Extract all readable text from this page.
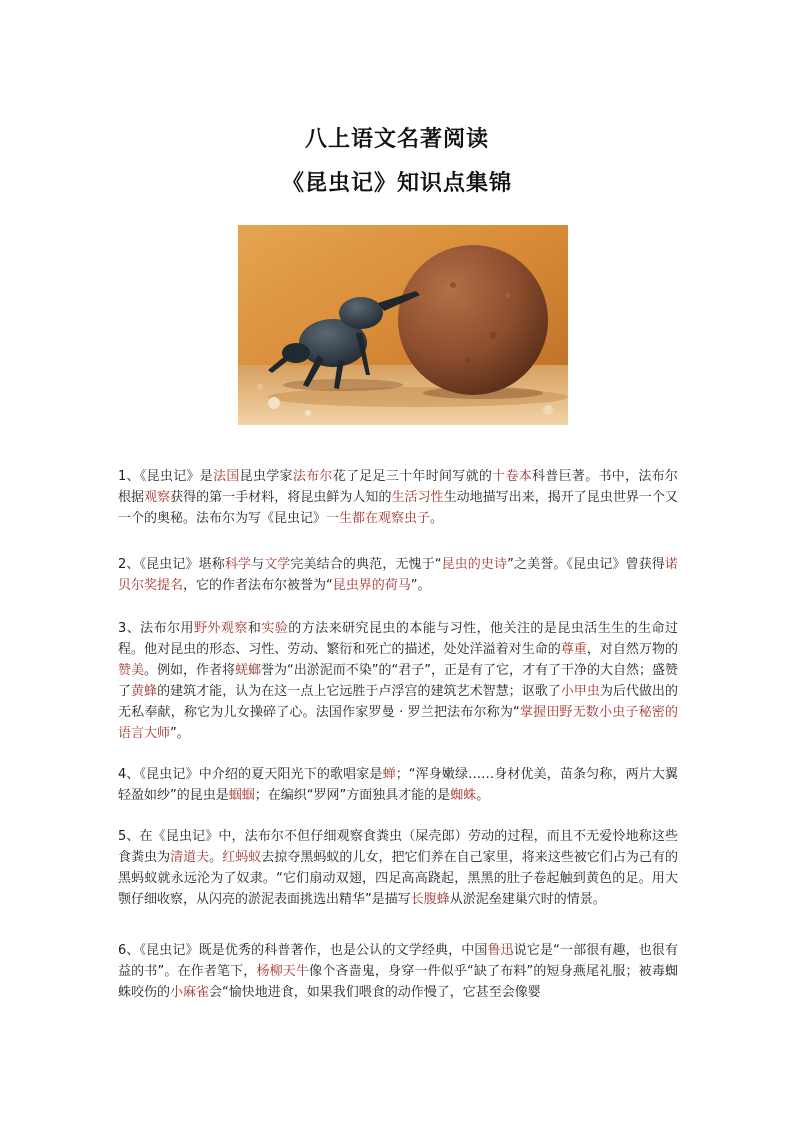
八上语文名著阅读
《昆虫记》知识点集锦
1、《昆虫记》是法国昆虫学家法布尔花了足足三十年时间写就的十卷本科普巨著。书中，法布尔根据观察获得的第一手材料，将昆虫鲜为人知的生活习性生动地描写出来，揭开了昆虫世界一个又一个的奥秘。法布尔为写《昆虫记》一生都在观察虫子。
2、《昆虫记》堪称科学与文学完美结合的典范，无愧于“昆虫的史诗”之美誉。《昆虫记》曾获得诺贝尔奖提名，它的作者法布尔被誉为“昆虫界的荷马”。
3、法布尔用野外观察和实验的方法来研究昆虫的本能与习性，他关注的是昆虫活生生的生命过程。他对昆虫的形态、习性、劳动、繁衍和死亡的描述，处处洋溢着对生命的尊重，对自然万物的赞美。例如，作者将蜣螂誉为“出淤泥而不染”的“君子”，正是有了它，才有了干净的大自然；盛赞了黄蜂的建筑才能，认为在这一点上它远胜于卢浮宫的建筑艺术智慧；讴歌了小甲虫为后代做出的无私奉献，称它为儿女操碎了心。法国作家罗曼 · 罗兰把法布尔称为“掌握田野无数小虫子秘密的语言大师”。
4、《昆虫记》中介绍的夏天阳光下的歌唱家是蝉；“浑身嫩绿……身材优美，苗条匀称，两片大翼轻盈如纱”的昆虫是蝈蝈；在编织“罗网”方面独具才能的是蜘蛛。
5、在《昆虫记》中，法布尔不但仔细观察食粪虫（屎壳郎）劳动的过程，而且不无爱怜地称这些食粪虫为清道夫。红蚂蚁去掠夺黑蚂蚁的儿女，把它们养在自己家里，将来这些被它们占为己有的黑蚂蚁就永远沦为了奴隶。“它们扇动双翅，四足高高跷起，黑黑的肚子卷起触到黄色的足。用大颚仔细收察，从闪亮的淤泥表面挑选出精华”是描写长腹蜂从淤泥垒建巢穴时的情景。
6、《昆虫记》既是优秀的科普著作，也是公认的文学经典，中国鲁迅说它是“一部很有趣，也很有益的书”。在作者笔下，杨柳天牛像个吝啬鬼，身穿一件似乎“缺了布料”的短身燕尾礼服；被毒蜘蛛咬伤的小麻雀会“愉快地进食，如果我们喂食的动作慢了，它甚至会像婴
